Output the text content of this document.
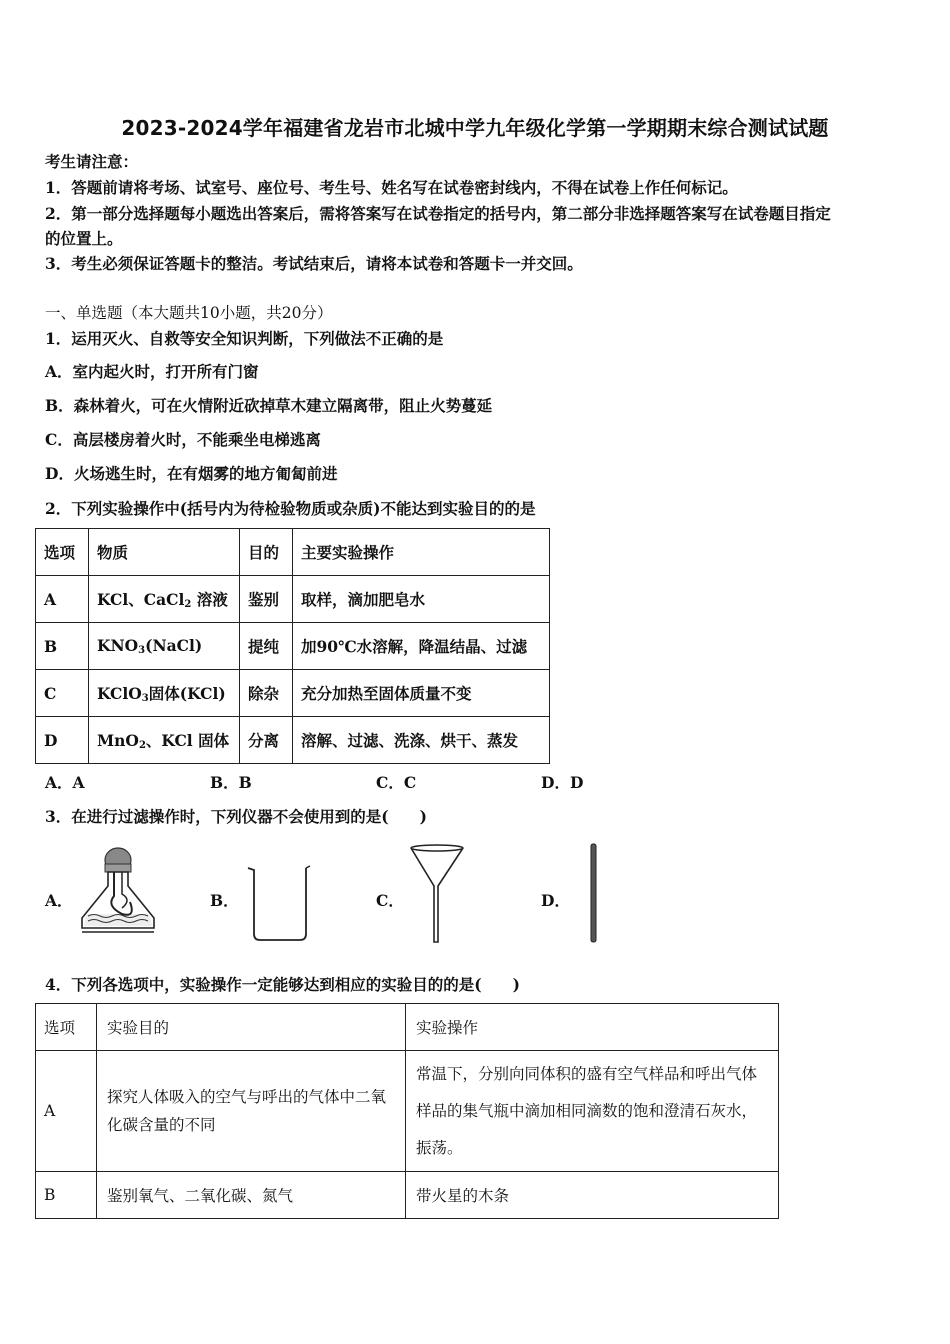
2023-2024学年福建省龙岩市北城中学九年级化学第一学期期末综合测试试题
考生请注意：
1．答题前请将考场、试室号、座位号、考生号、姓名写在试卷密封线内，不得在试卷上作任何标记。
2．第一部分选择题每小题选出答案后，需将答案写在试卷指定的括号内，第二部分非选择题答案写在试卷题目指定
的位置上。
3．考生必须保证答题卡的整洁。考试结束后，请将本试卷和答题卡一并交回。
一、单选题（本大题共10小题，共20分）
1．运用灭火、自救等安全知识判断，下列做法不正确的是
A．室内起火时，打开所有门窗
B．森林着火，可在火情附近砍掉草木建立隔离带，阻止火势蔓延
C．高层楼房着火时，不能乘坐电梯逃离
D．火场逃生时，在有烟雾的地方匍匐前进
2．下列实验操作中(括号内为待检验物质或杂质)不能达到实验目的的是
选项	物质	目的	主要实验操作
A	KCl、CaCl$_2$ 溶液	鉴别	取样，滴加肥皂水
B	$KNO_3(NaCl)$	提纯	加90℃水溶解，降温结晶、过滤
C	KClO$_3$固体(KCl)	除杂	充分加热至固体质量不变
D	MnO$_2$、KCl 固体	分离	溶解、过滤、洗涤、烘干、蒸发
A．A	B．B	C．C	D．D
3．在进行过滤操作时，下列仪器不会使用到的是(　　)
A．	B．	C．	D．
4．下列各选项中，实验操作一定能够达到相应的实验目的的是(　　)
选项	实验目的	实验操作
A	探究人体吸入的空气与呼出的气体中二氧化碳含量的不同	常温下，分别向同体积的盛有空气样品和呼出气体样品的集气瓶中滴加相同滴数的饱和澄清石灰水，振荡。
B	鉴别氧气、二氧化碳、氮气	带火星的木条
